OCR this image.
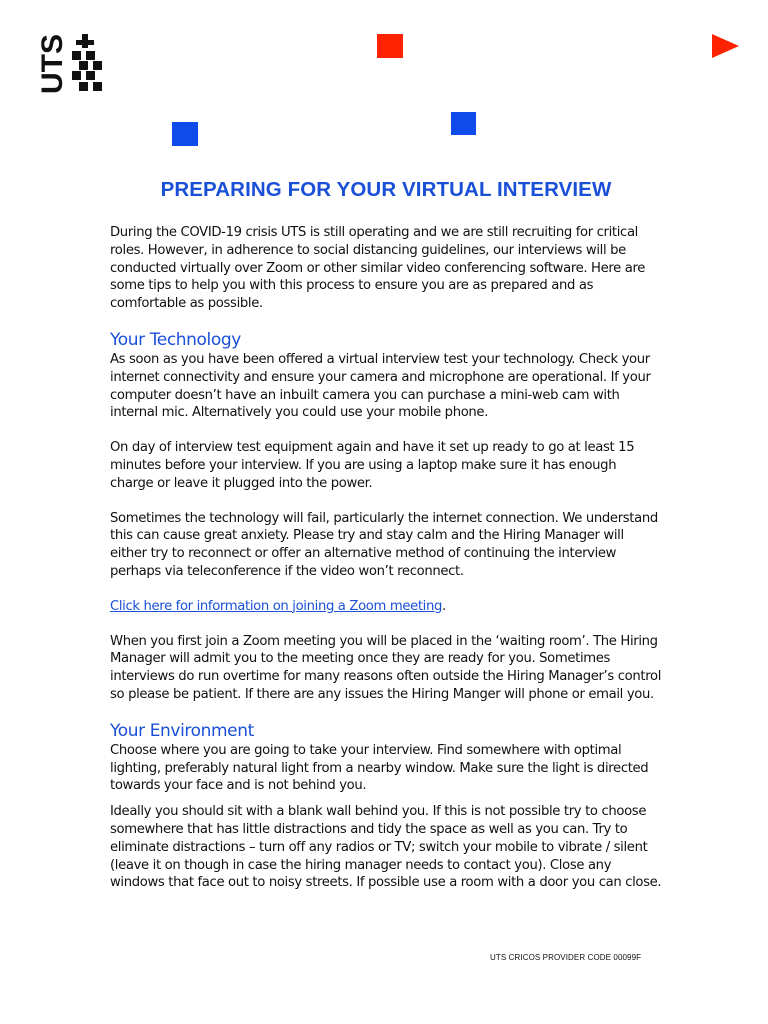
UTS
PREPARING FOR YOUR VIRTUAL INTERVIEW

During the COVID-19 crisis UTS is still operating and we are still recruiting for critical roles. However, in adherence to social distancing guidelines, our interviews will be conducted virtually over Zoom or other similar video conferencing software. Here are some tips to help you with this process to ensure you are as prepared and as comfortable as possible.

Your Technology

As soon as you have been offered a virtual interview test your technology. Check your internet connectivity and ensure your camera and microphone are operational. If your computer doesn’t have an inbuilt camera you can purchase a mini-web cam with internal mic. Alternatively you could use your mobile phone.

On day of interview test equipment again and have it set up ready to go at least 15 minutes before your interview. If you are using a laptop make sure it has enough charge or leave it plugged into the power.

Sometimes the technology will fail, particularly the internet connection. We understand this can cause great anxiety. Please try and stay calm and the Hiring Manager will either try to reconnect or offer an alternative method of continuing the interview perhaps via teleconference if the video won’t reconnect.

Click here for information on joining a Zoom meeting.

When you first join a Zoom meeting you will be placed in the ‘waiting room’. The Hiring Manager will admit you to the meeting once they are ready for you. Sometimes interviews do run overtime for many reasons often outside the Hiring Manager’s control so please be patient. If there are any issues the Hiring Manger will phone or email you.

Your Environment

Choose where you are going to take your interview. Find somewhere with optimal lighting, preferably natural light from a nearby window. Make sure the light is directed towards your face and is not behind you.

Ideally you should sit with a blank wall behind you. If this is not possible try to choose somewhere that has little distractions and tidy the space as well as you can. Try to eliminate distractions – turn off any radios or TV; switch your mobile to vibrate / silent (leave it on though in case the hiring manager needs to contact you). Close any windows that face out to noisy streets. If possible use a room with a door you can close.

UTS CRICOS PROVIDER CODE 00099F
